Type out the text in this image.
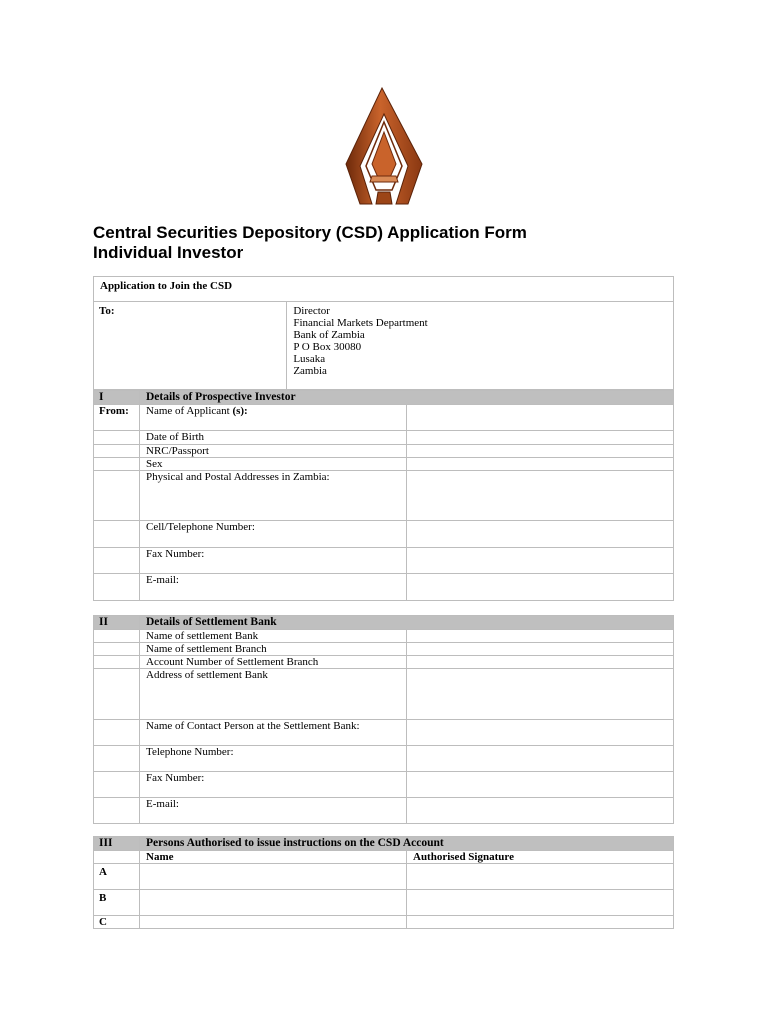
Central Securities Depository (CSD) Application Form
Individual Investor
Application to Join the CSD
To:	Director
Financial Markets Department
Bank of Zambia
P O Box 30080
Lusaka
Zambia
I	Details of Prospective Investor	
From:	Name of Applicant (s):	
	Date of Birth	
	NRC/Passport	
	Sex	
	Physical and Postal Addresses in Zambia:	
	Cell/Telephone Number:	
	Fax Number:	
	E-mail:	
II	Details of Settlement Bank	
	Name of settlement Bank	
	Name of settlement Branch	
	Account Number of Settlement Branch	
	Address of settlement Bank	
	Name of Contact Person at the Settlement Bank:	
	Telephone Number:	
	Fax Number:	
	E-mail:	
III	Persons Authorised to issue instructions on the CSD Account	
	Name	Authorised Signature
A		
B		
C		
